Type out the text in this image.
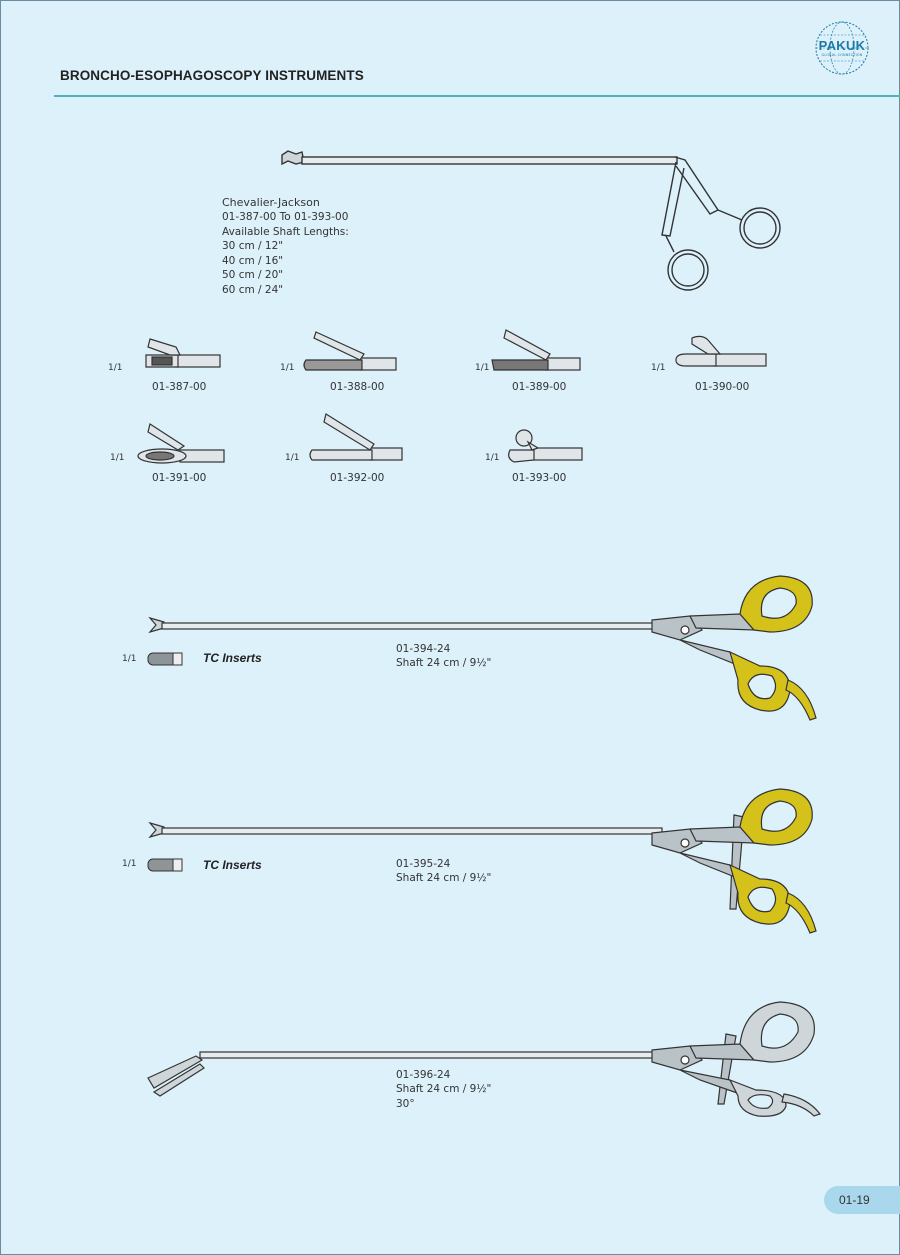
BRONCHO-ESOPHAGOSCOPY INSTRUMENTS
PAKUK
GLOBAL CONNECTION
Chevalier-Jackson
01-387-00 To 01-393-00
Available Shaft Lengths:
30 cm / 12"
40 cm / 16"
50 cm / 20"
60 cm / 24"
1/1
01-387-00
1/1
01-388-00
1/1
01-389-00
1/1
01-390-00
1/1
01-391-00
1/1
01-392-00
1/1
01-393-00
1/1	TC Inserts
01-394-24
Shaft 24 cm / 9½"
1/1	TC Inserts	01-395-24
Shaft 24 cm / 9½"
01-396-24
Shaft 24 cm / 9½"
30°
01-19
